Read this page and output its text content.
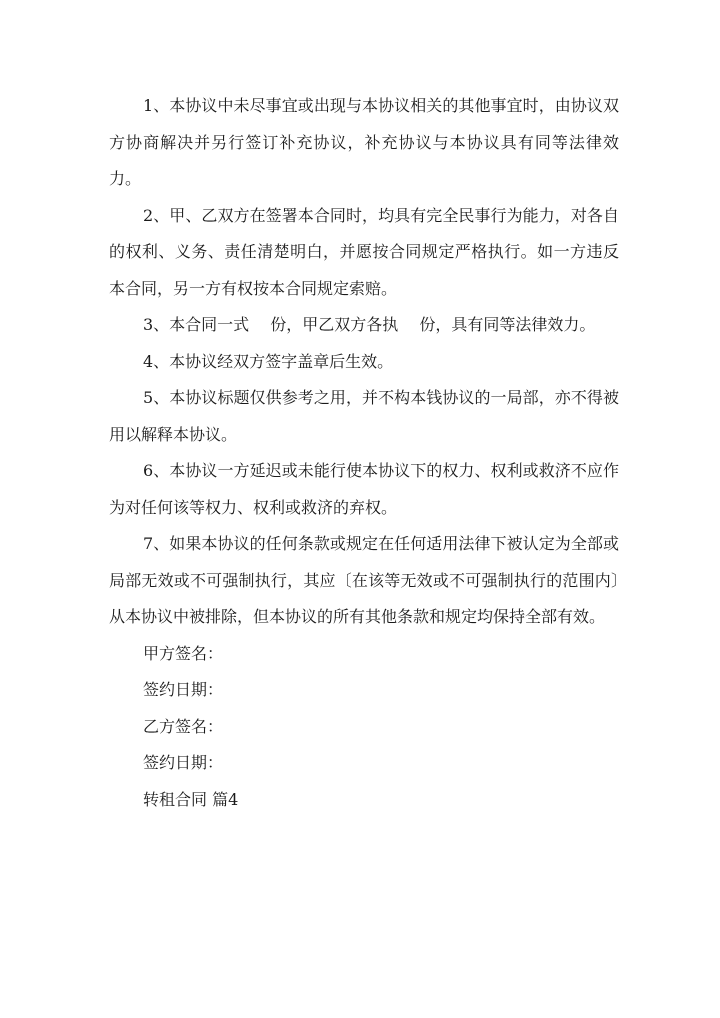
1、本协议中未尽事宜或出现与本协议相关的其他事宜时，由协议双方协商解决并另行签订补充协议，补充协议与本协议具有同等法律效力。

2、甲、乙双方在签署本合同时，均具有完全民事行为能力，对各自的权利、义务、责任清楚明白，并愿按合同规定严格执行。如一方违反本合同，另一方有权按本合同规定索赔。

3、本合同一式　 份，甲乙双方各执　 份，具有同等法律效力。

4、本协议经双方签字盖章后生效。

5、本协议标题仅供参考之用，并不构本钱协议的一局部，亦不得被用以解释本协议。

6、本协议一方延迟或未能行使本协议下的权力、权利或救济不应作为对任何该等权力、权利或救济的弃权。

7、如果本协议的任何条款或规定在任何适用法律下被认定为全部或局部无效或不可强制执行，其应〔在该等无效或不可强制执行的范围内〕从本协议中被排除，但本协议的所有其他条款和规定均保持全部有效。

甲方签名：

签约日期：

乙方签名：

签约日期：

转租合同 篇4
